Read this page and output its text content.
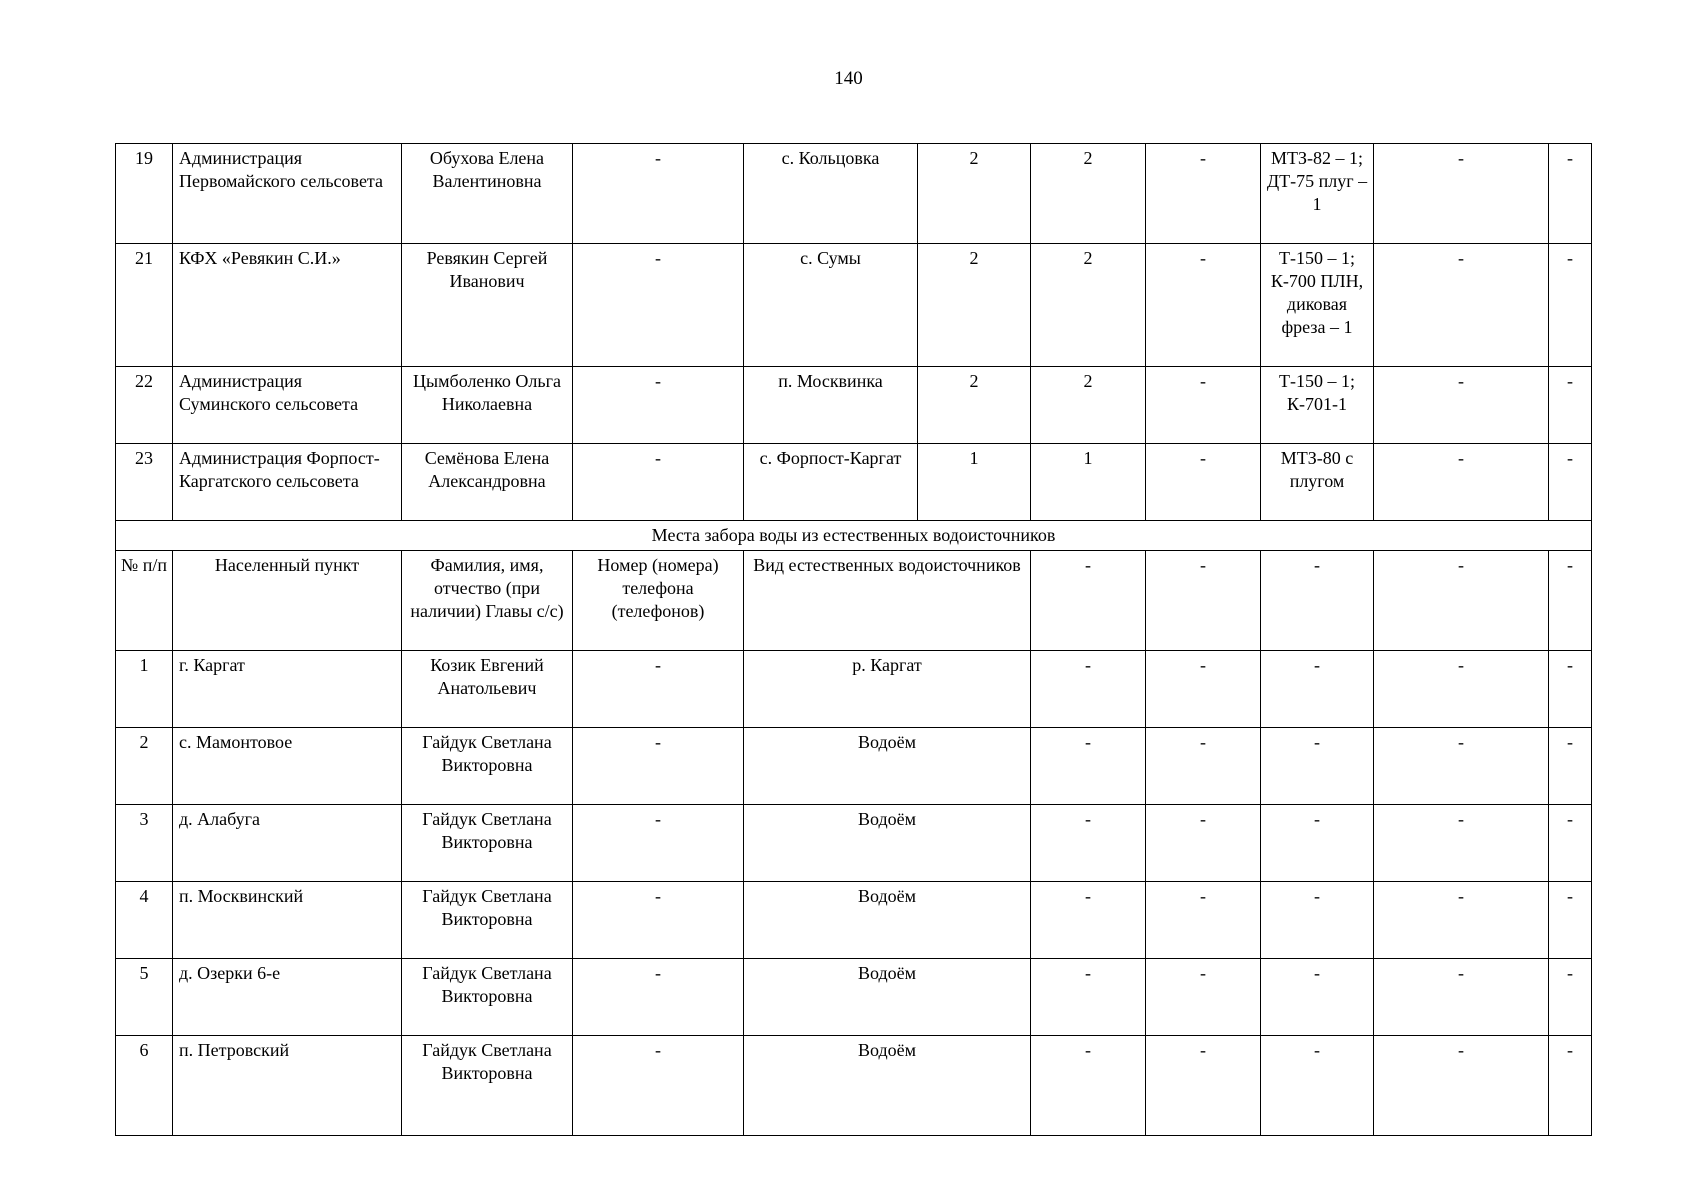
140
19	Администрация Первомайского сельсовета	Обухова Елена Валентиновна	-	с. Кольцовка	2	2	-	МТЗ-82 – 1; ДТ-75 плуг – 1	-	-
21	КФХ «Ревякин С.И.»	Ревякин Сергей Иванович	-	с. Сумы	2	2	-	Т-150 – 1; К-700 ПЛН, диковая фреза – 1	-	-
22	Администрация Суминского сельсовета	Цымболенко Ольга Николаевна	-	п. Москвинка	2	2	-	Т-150 – 1; К-701-1	-	-
23	Администрация Форпост-Каргатского сельсовета	Семёнова Елена Александровна	-	с. Форпост-Каргат	1	1	-	МТЗ-80 с плугом	-	-
Места забора воды из естественных водоисточников										
№ п/п	Населенный пункт	Фамилия, имя, отчество (при наличии) Главы с/с)	Номер (номера) телефона (телефонов)	Вид естественных водоисточников		-	-	-	-	-
1	г. Каргат	Козик Евгений Анатольевич	-	р. Каргат		-	-	-	-	-
2	с. Мамонтовое	Гайдук Светлана Викторовна	-	Водоём		-	-	-	-	-
3	д. Алабуга	Гайдук Светлана Викторовна	-	Водоём		-	-	-	-	-
4	п. Москвинский	Гайдук Светлана Викторовна	-	Водоём		-	-	-	-	-
5	д. Озерки 6-е	Гайдук Светлана Викторовна	-	Водоём		-	-	-	-	-
6	п. Петровский	Гайдук Светлана Викторовна	-	Водоём		-	-	-	-	-
